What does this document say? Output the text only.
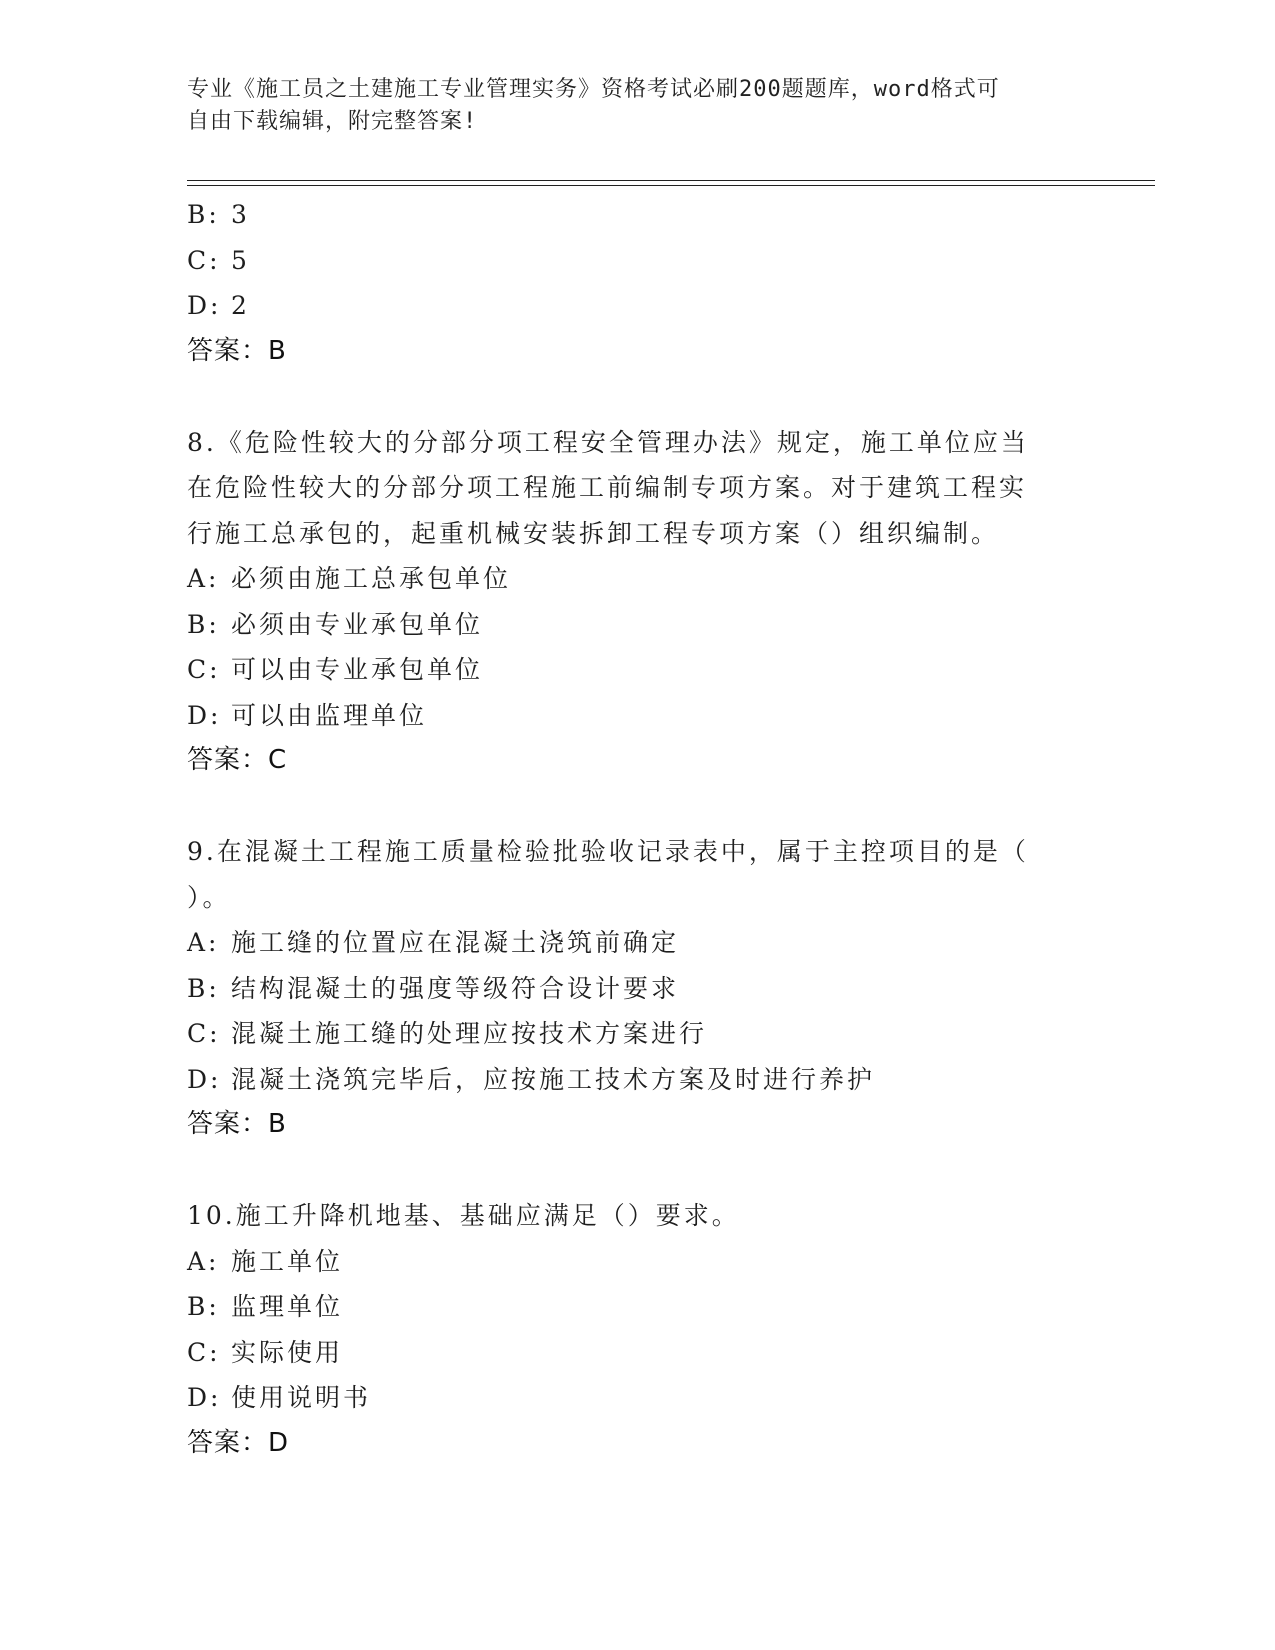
专业《施工员之土建施工专业管理实务》资格考试必刷200题题库，word格式可
自由下载编辑，附完整答案!
B: 3
C: 5
D: 2
答案：B
8.《危险性较大的分部分项工程安全管理办法》规定，施工单位应当
在危险性较大的分部分项工程施工前编制专项方案。对于建筑工程实
行施工总承包的，起重机械安装拆卸工程专项方案（）组织编制。
A: 必须由施工总承包单位
B: 必须由专业承包单位
C: 可以由专业承包单位
D: 可以由监理单位
答案：C
9.在混凝土工程施工质量检验批验收记录表中，属于主控项目的是（
）。
A: 施工缝的位置应在混凝土浇筑前确定
B: 结构混凝土的强度等级符合设计要求
C: 混凝土施工缝的处理应按技术方案进行
D: 混凝土浇筑完毕后，应按施工技术方案及时进行养护
答案：B
10.施工升降机地基、基础应满足（）要求。
A: 施工单位
B: 监理单位
C: 实际使用
D: 使用说明书
答案：D
